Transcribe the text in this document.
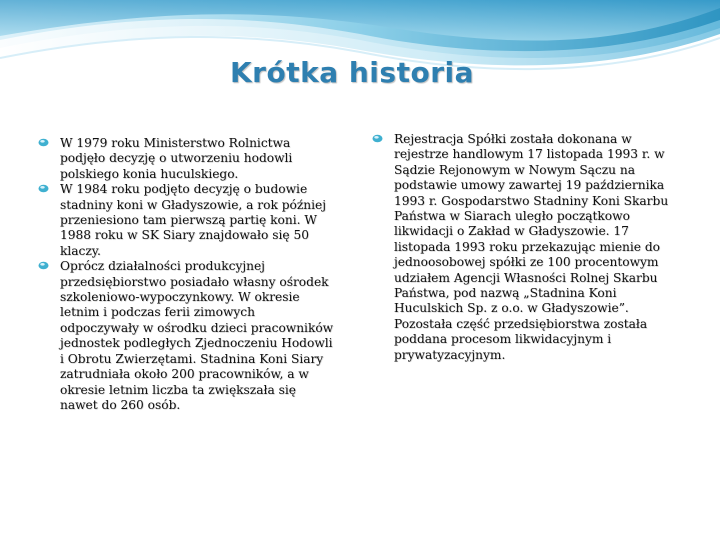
Krótka historia
W 1979 roku Ministerstwo Rolnictwa podjęło decyzję o utworzeniu hodowli polskiego konia huculskiego.
W 1984 roku podjęto decyzję o budowie stadniny koni w Gładyszowie, a rok później przeniesiono tam pierwszą partię koni. W 1988 roku w SK Siary znajdowało się 50 klaczy.
Oprócz działalności produkcyjnej przedsiębiorstwo posiadało własny ośrodek szkoleniowo-wypoczynkowy. W okresie letnim i podczas ferii zimowych odpoczywały w ośrodku dzieci pracowników jednostek podległych Zjednoczeniu Hodowli i Obrotu Zwierzętami. Stadnina Koni Siary zatrudniała około 200 pracowników, a w okresie letnim liczba ta zwiększała się nawet do 260 osób.
Rejestracja Spółki została dokonana w rejestrze handlowym 17 listopada 1993 r. w Sądzie Rejonowym w Nowym Sączu na podstawie umowy zawartej 19 października 1993 r. Gospodarstwo Stadniny Koni Skarbu Państwa w Siarach uległo początkowo likwidacji o Zakład w Gładyszowie. 17 listopada 1993 roku przekazując mienie do jednoosobowej spółki ze 100 procentowym udziałem Agencji Własności Rolnej Skarbu Państwa, pod nazwą „Stadnina Koni Huculskich Sp. z o.o. w Gładyszowie”. Pozostała część przedsiębiorstwa została poddana procesom likwidacyjnym i prywatyzacyjnym.
